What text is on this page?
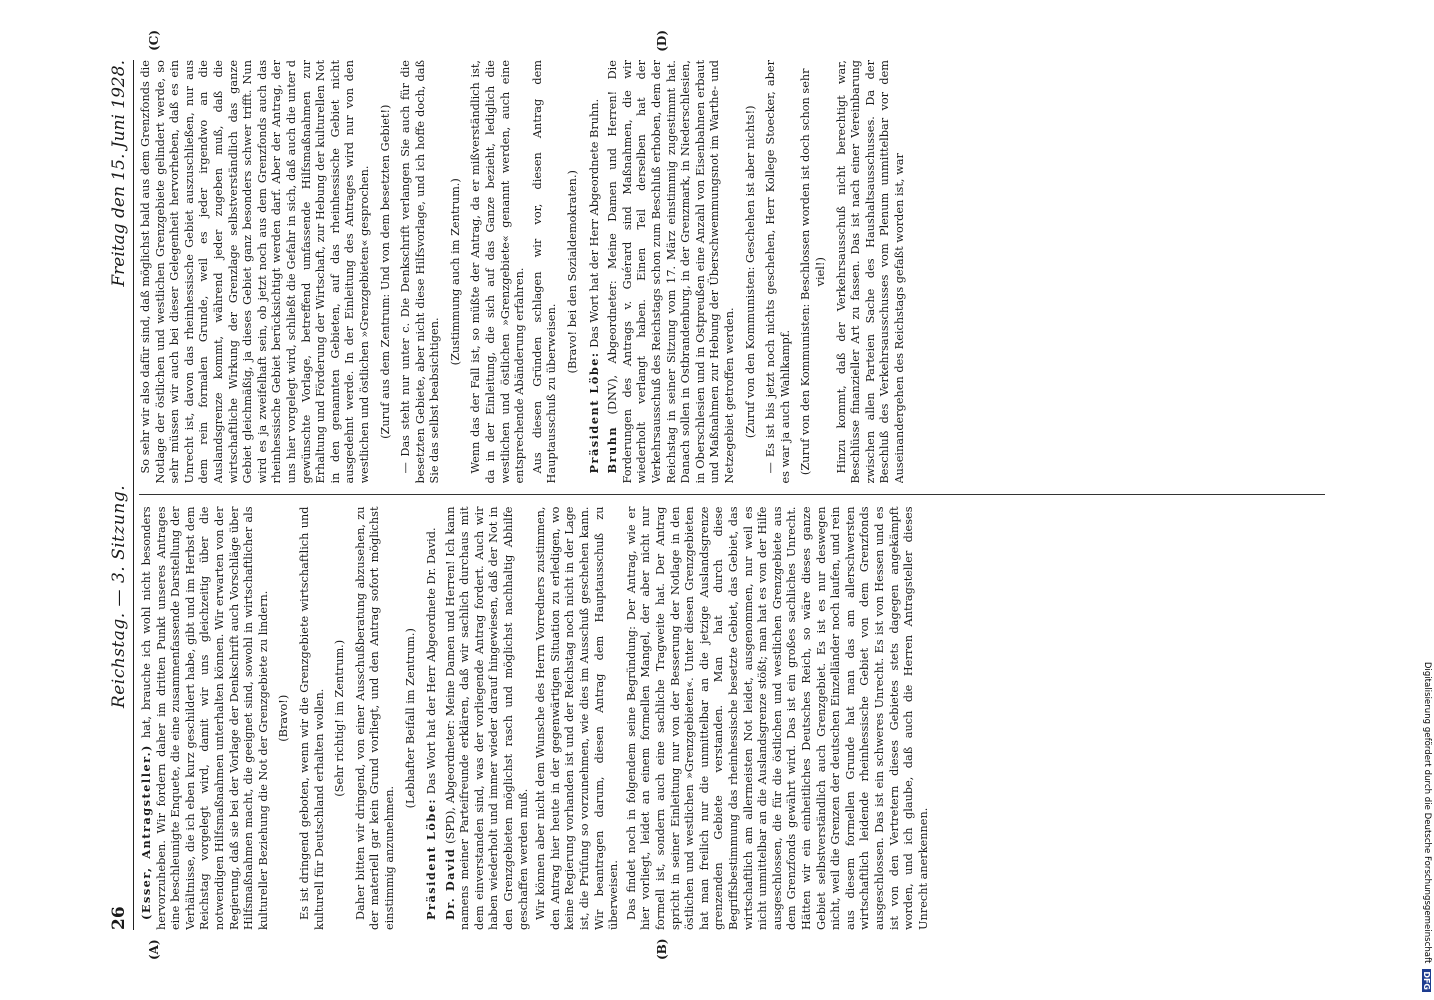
26
Reichstag. — 3. Sitzung.
Freitag den 15. Juni 1928.
(A)	(B)
(C)	(D)

(Esser, Antragsteller.) hat, brauche ich wohl nicht besonders hervorzuheben. Wir fordern daher im dritten Punkt unseres Antrages eine beschleunigte Enquete, die eine zusammenfassende Darstellung der Verhältnisse, die ich eben kurz geschildert habe, gibt und im Herbst dem Reichstag vorgelegt wird, damit wir uns gleichzeitig über die notwendigen Hilfsmaßnahmen unterhalten können. Wir erwarten von der Regierung, daß sie bei der Vorlage der Denkschrift auch Vorschläge über Hilfsmaßnahmen macht, die geeignet sind, sowohl in wirtschaftlicher als kultureller Beziehung die Not der Grenzgebiete zu lindern. (Bravo!) Es ist dringend geboten, wenn wir die Grenzgebiete wirtschaftlich und kulturell für Deutschland erhalten wollen. (Sehr richtig! im Zentrum.) Daher bitten wir dringend, von einer Ausschußberatung abzusehen, zu der materiell gar kein Grund vorliegt, und den Antrag sofort möglichst einstimmig anzunehmen.

(Lebhafter Beifall im Zentrum.)

Präsident Löbe: Das Wort hat der Herr Abgeordnete Dr. David.

Dr. David (SPD), Abgeordneter: Meine Damen und Herren! Ich kann namens meiner Parteifreunde erklären, daß wir sachlich durchaus mit dem einverstanden sind, was der vorliegende Antrag fordert. Auch wir haben wiederholt und immer wieder darauf hingewiesen, daß der Not in den Grenzgebieten möglichst rasch und möglichst nachhaltig Abhilfe geschaffen werden muß. Wir können aber nicht dem Wunsche des Herrn Vorredners zustimmen, den Antrag hier heute in der gegenwärtigen Situation zu erledigen, wo keine Regierung vorhanden ist und der Reichstag noch nicht in der Lage ist, die Prüfung so vorzunehmen, wie dies im Ausschuß geschehen kann. Wir beantragen darum, diesen Antrag dem Hauptausschuß zu überweisen. Das findet noch in folgendem seine Begründung: Der Antrag, wie er hier vorliegt, leidet an einem formellen Mangel, der aber nicht nur formell ist, sondern auch eine sachliche Tragweite hat. Der Antrag spricht in seiner Einleitung nur von der Besserung der Notlage in den östlichen und westlichen »Grenzgebieten«. Unter diesen Grenzgebieten hat man freilich nur die unmittelbar an die jetzige Auslandsgrenze grenzenden Gebiete verstanden. Man hat durch diese Begriffsbestimmung das rheinhessische besetzte Gebiet, das Gebiet, das wirtschaftlich am allermeisten Not leidet, ausgenommen, nur weil es nicht unmittelbar an die Auslandsgrenze stößt; man hat es von der Hilfe ausgeschlossen, die für die östlichen und westlichen Grenzgebiete aus dem Grenzfonds gewährt wird. Das ist ein großes sachliches Unrecht. Hätten wir ein einheitliches Deutsches Reich, so wäre dieses ganze Gebiet selbstverständlich auch Grenzgebiet. Es ist es nur deswegen nicht, weil die Grenzen der deutschen Einzelländer noch laufen, und rein aus diesem formellen Grunde hat man das am allerschwersten wirtschaftlich leidende rheinhessische Gebiet von dem Grenzfonds ausgeschlossen. Das ist ein schweres Unrecht. Es ist von Hessen und es ist von den Vertretern dieses Gebietes stets dagegen angekämpft worden, und ich glaube, daß auch die Herren Antragsteller dieses Unrecht anerkennen.

So sehr wir also dafür sind, daß möglichst bald aus dem Grenzfonds die Notlage der östlichen und westlichen Grenzgebiete gelindert werde, so sehr müssen wir auch bei dieser Gelegenheit hervorheben, daß es ein Unrecht ist, davon das rheinhessische Gebiet auszuschließen, nur aus dem rein formalen Grunde, weil es jeder irgendwo an die Auslandsgrenze kommt, während jeder zugeben muß, daß die wirtschaftliche Wirkung der Grenzlage selbstverständlich das ganze Gebiet gleichmäßig, ja dieses Gebiet ganz besonders schwer trifft. Nun wird es ja zweifelhaft sein, ob jetzt noch aus dem Grenzfonds auch das rheinhessische Gebiet berücksichtigt werden darf. Aber der Antrag, der uns hier vorgelegt wird, schließt die Gefahr in sich, daß auch die unter d gewünschte Vorlage, betreffend umfassende Hilfsmaßnahmen zur Erhaltung und Förderung der Wirtschaft, zur Hebung der kulturellen Not in den genannten Gebieten, auf das rheinhessische Gebiet nicht ausgedehnt werde. In der Einleitung des Antrages wird nur von den westlichen und östlichen »Grenzgebieten« gesprochen. (Zuruf aus dem Zentrum: Und von dem besetzten Gebiet!) — Das steht nur unter c. Die Denkschrift verlangen Sie auch für die besetzten Gebiete, aber nicht diese Hilfsvorlage, und ich hoffe doch, daß Sie das selbst beabsichtigen.

(Zustimmung auch im Zentrum.) Wenn das der Fall ist, so müßte der Antrag, da er mißverständlich ist, da in der Einleitung, die sich auf das Ganze bezieht, lediglich die westlichen und östlichen »Grenzgebiete« genannt werden, auch eine entsprechende Abänderung erfahren. Aus diesen Gründen schlagen wir vor, diesen Antrag dem Hauptausschuß zu überweisen.

(Bravo! bei den Sozialdemokraten.)

Präsident Löbe: Das Wort hat der Herr Abgeordnete Bruhn.

Bruhn (DNV), Abgeordneter: Meine Damen und Herren! Die Forderungen des Antrags v. Guérard sind Maßnahmen, die wir wiederholt verlangt haben. Einen Teil derselben hat der Verkehrsausschuß des Reichstags schon zum Beschluß erhoben, dem der Reichstag in seiner Sitzung vom 17. März einstimmig zugestimmt hat. Danach sollen in Ostbrandenburg, in der Grenzmark, in Niederschlesien, in Oberschlesien und in Ostpreußen eine Anzahl von Eisenbahnen erbaut und Maßnahmen zur Hebung der Überschwemmungsnot im Warthe- und Netzegebiet getroffen werden. (Zuruf von den Kommunisten: Geschehen ist aber nichts!) — Es ist bis jetzt noch nichts geschehen, Herr Kollege Stoecker, aber es war ja auch Wahlkampf. (Zuruf von den Kommunisten: Beschlossen worden ist doch schon sehr viel!) Hinzu kommt, daß der Verkehrsausschuß nicht berechtigt war, Beschlüsse finanzieller Art zu fassen. Das ist nach einer Vereinbarung zwischen allen Parteien Sache des Haushaltsausschusses. Da der Beschluß des Verkehrsausschusses vom Plenum unmittelbar vor dem Auseinandergehen des Reichstags gefaßt worden ist, war

Digitalisierung gefördert durch die Deutsche Forschungsgemeinschaft
DFG
